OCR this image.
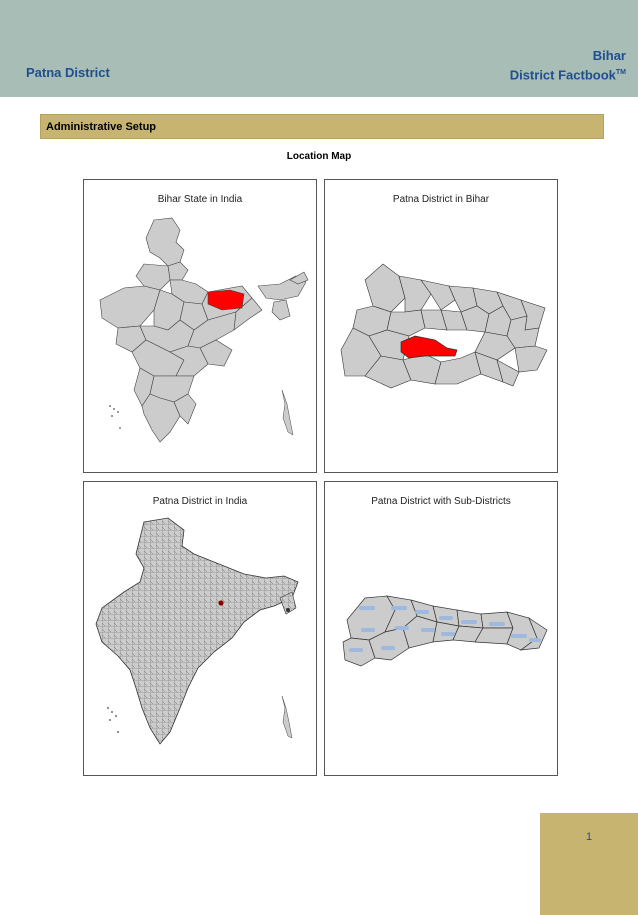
Patna District
Bihar
District Factbook™
Administrative Setup
Location Map
Bihar State in India	Patna District in Bihar
Patna District in India	Patna District with Sub-Districts
1
